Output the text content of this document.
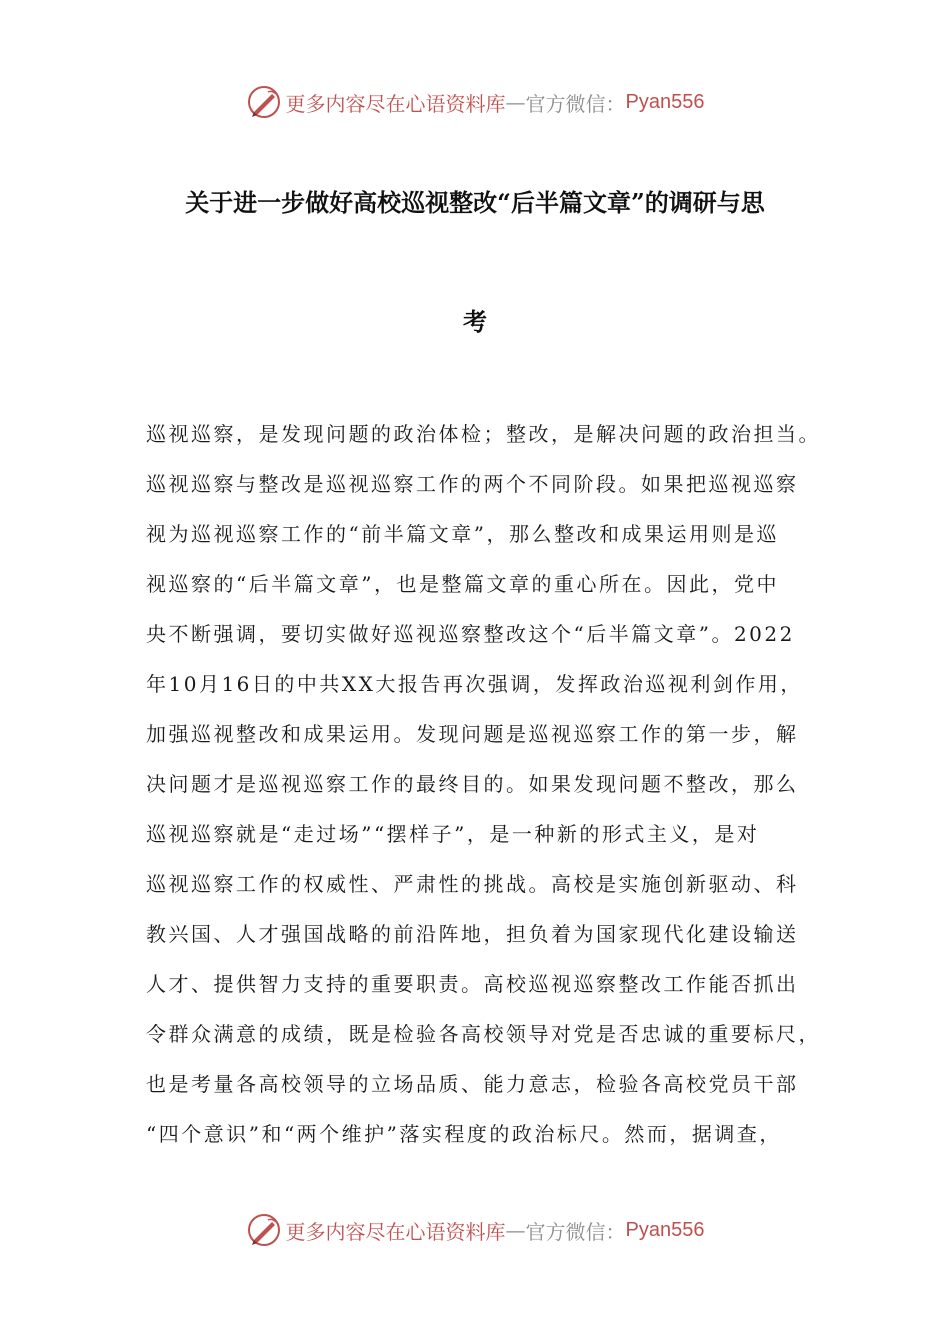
更多内容尽在心语资料库 — 官方微信： Pyan556
关于进一步做好高校巡视整改“后半篇文章”的调研与思
考
巡视巡察，是发现问题的政治体检；整改，是解决问题的政治担当。
巡视巡察与整改是巡视巡察工作的两个不同阶段。如果把巡视巡察
视为巡视巡察工作的“前半篇文章”，那么整改和成果运用则是巡
视巡察的“后半篇文章”，也是整篇文章的重心所在。因此，党中
央不断强调，要切实做好巡视巡察整改这个“后半篇文章”。2022
年10月16日的中共XX大报告再次强调，发挥政治巡视利剑作用，
加强巡视整改和成果运用。发现问题是巡视巡察工作的第一步，解
决问题才是巡视巡察工作的最终目的。如果发现问题不整改，那么
巡视巡察就是“走过场”“摆样子”，是一种新的形式主义，是对
巡视巡察工作的权威性、严肃性的挑战。高校是实施创新驱动、科
教兴国、人才强国战略的前沿阵地，担负着为国家现代化建设输送
人才、提供智力支持的重要职责。高校巡视巡察整改工作能否抓出
令群众满意的成绩，既是检验各高校领导对党是否忠诚的重要标尺，
也是考量各高校领导的立场品质、能力意志，检验各高校党员干部
“四个意识”和“两个维护”落实程度的政治标尺。然而，据调查，
更多内容尽在心语资料库 — 官方微信： Pyan556
